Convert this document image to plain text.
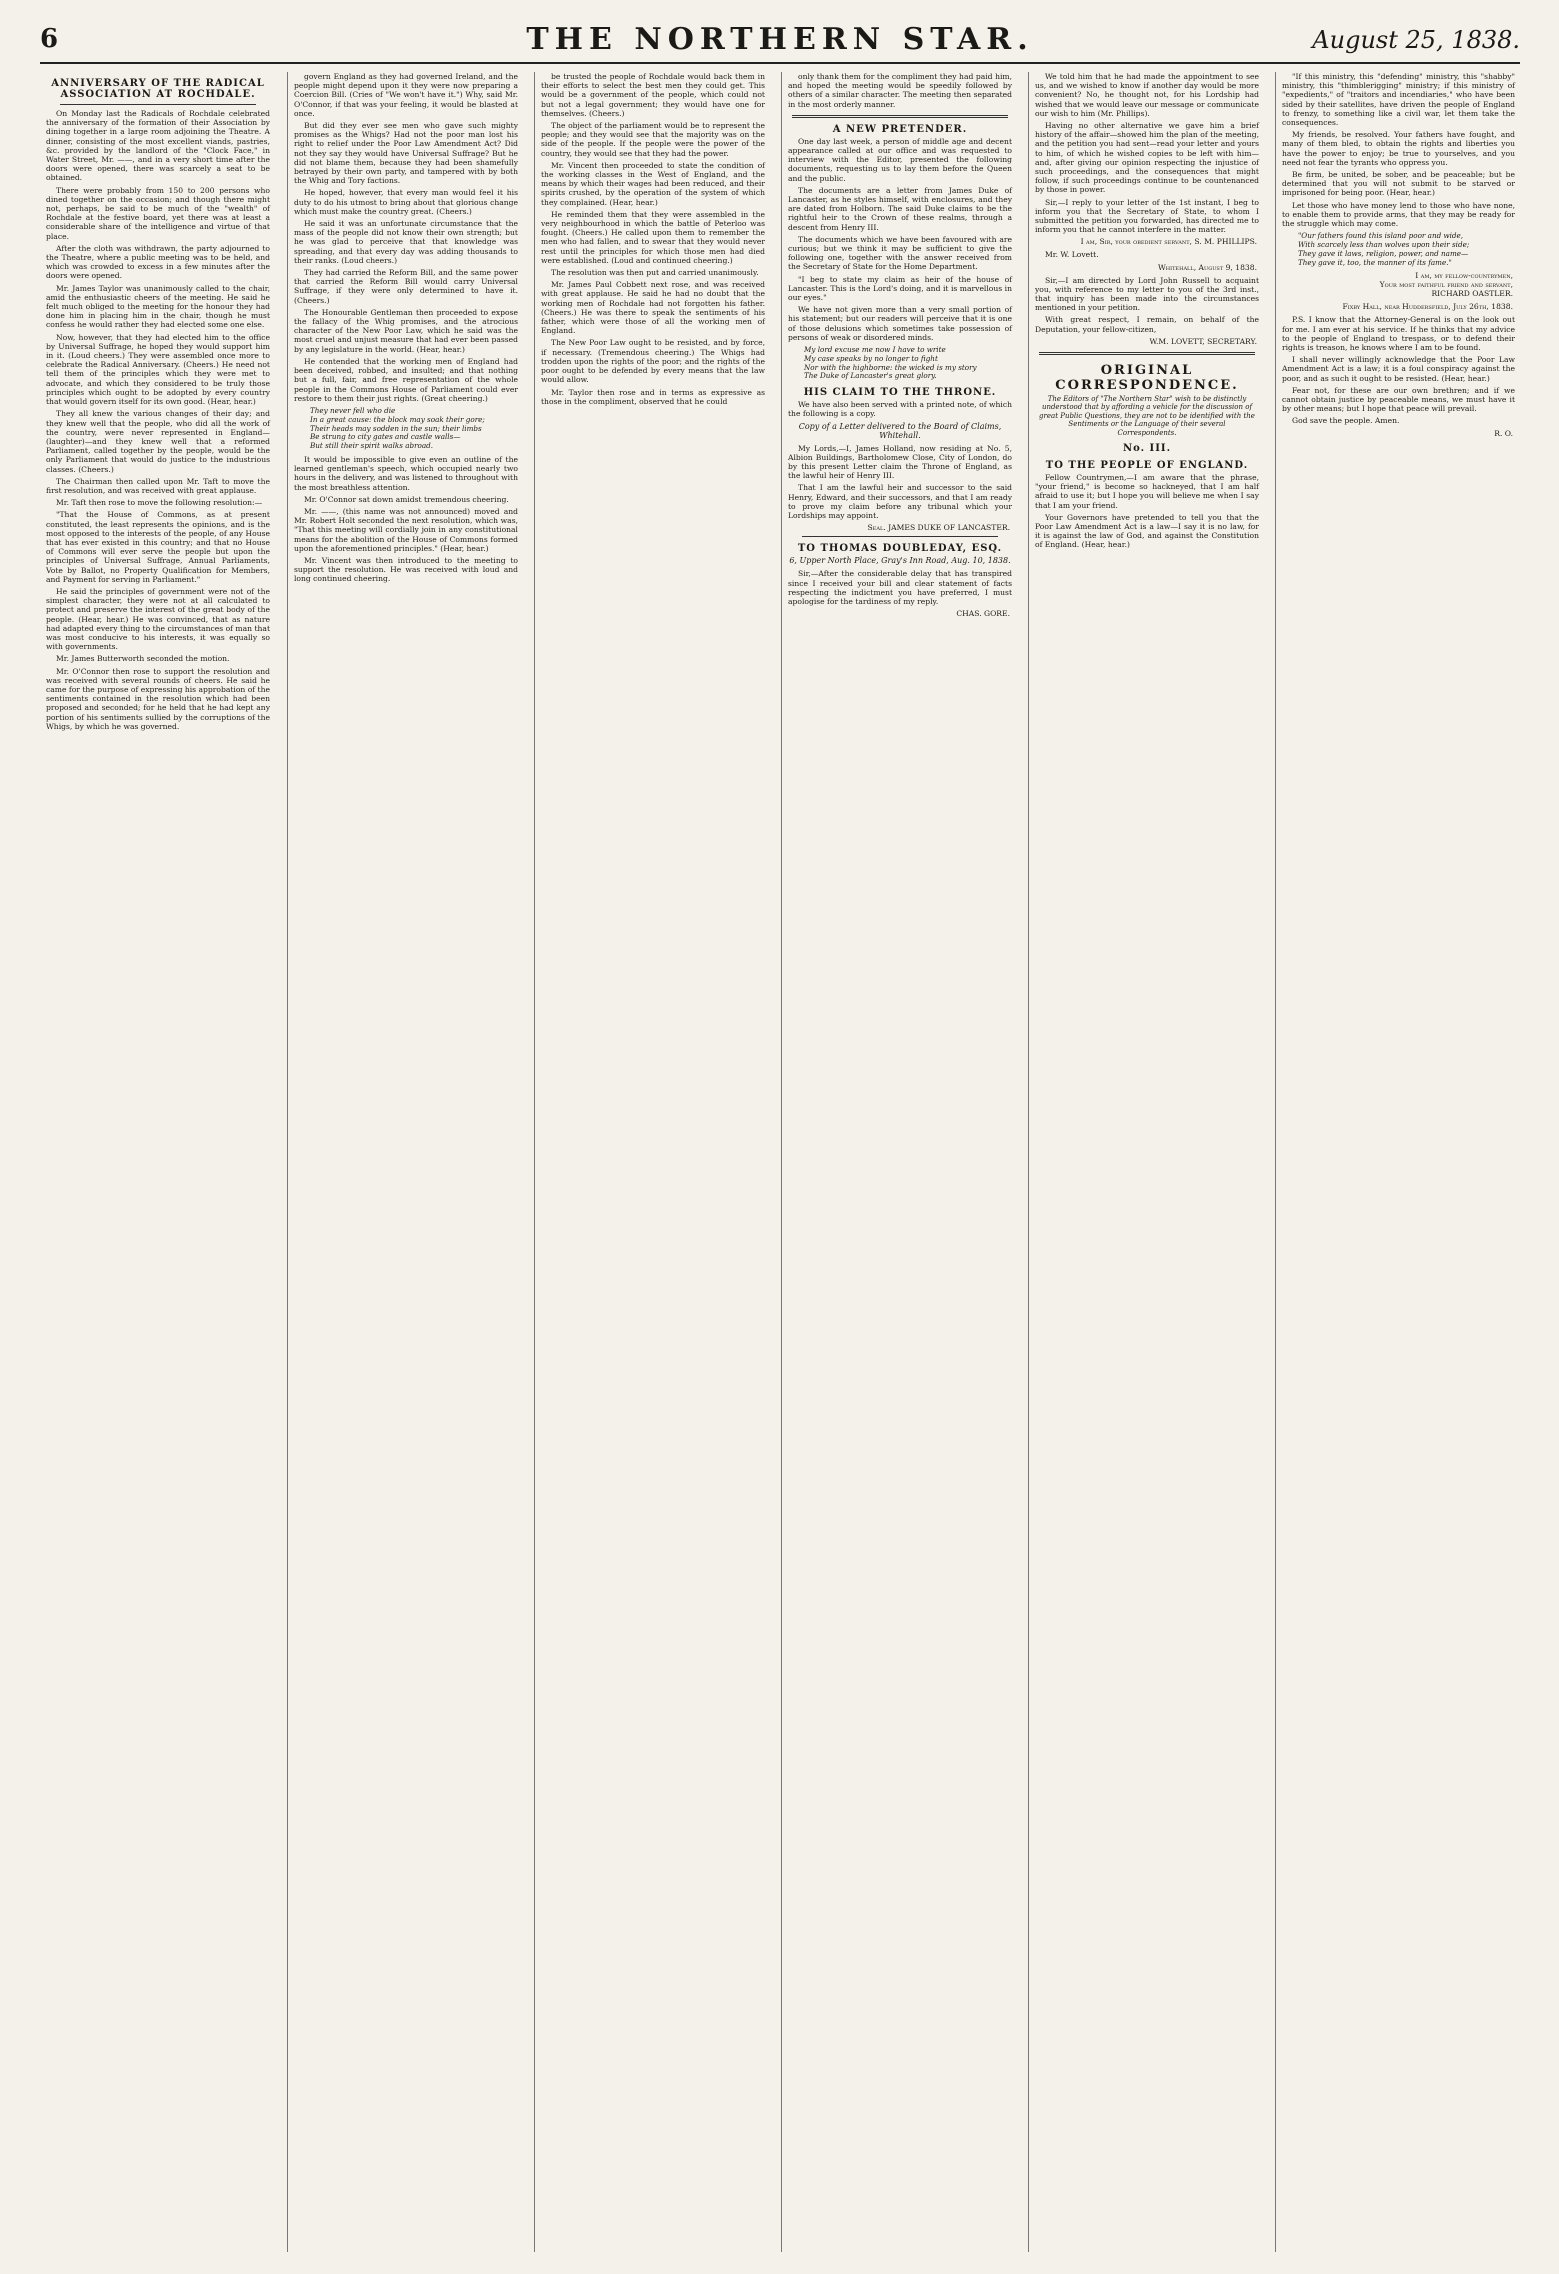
6	THE NORTHERN STAR.	August 25, 1838.
ANNIVERSARY OF THE RADICAL ASSOCIATION AT ROCHDALE.

On Monday last the Radicals of Rochdale celebrated the anniversary of the formation of their Association by dining together in a large room adjoining the Theatre. A dinner, consisting of the most excellent viands, pastries, &c. provided by the landlord of the "Clock Face," in Water Street, Mr. ——, and in a very short time after the doors were opened, there was scarcely a seat to be obtained.

There were probably from 150 to 200 persons who dined together on the occasion; and though there might not, perhaps, be said to be much of the "wealth" of Rochdale at the festive board, yet there was at least a considerable share of the intelligence and virtue of that place.

After the cloth was withdrawn, the party adjourned to the Theatre, where a public meeting was to be held, and which was crowded to excess in a few minutes after the doors were opened.

Mr. James Taylor was unanimously called to the chair, amid the enthusiastic cheers of the meeting. He said he felt much obliged to the meeting for the honour they had done him in placing him in the chair, though he must confess he would rather they had elected some one else.

Now, however, that they had elected him to the office by Universal Suffrage, he hoped they would support him in it. (Loud cheers.) They were assembled once more to celebrate the Radical Anniversary. (Cheers.) He need not tell them of the principles which they were met to advocate, and which they considered to be truly those principles which ought to be adopted by every country that would govern itself for its own good. (Hear, hear.)

They all knew the various changes of their day; and they knew well that the people, who did all the work of the country, were never represented in England—(laughter)—and they knew well that a reformed Parliament, called together by the people, would be the only Parliament that would do justice to the industrious classes. (Cheers.)

The Chairman then called upon Mr. Taft to move the first resolution, and was received with great applause.

Mr. Taft then rose to move the following resolution:—

"That the House of Commons, as at present constituted, the least represents the opinions, and is the most opposed to the interests of the people, of any House that has ever existed in this country; and that no House of Commons will ever serve the people but upon the principles of Universal Suffrage, Annual Parliaments, Vote by Ballot, no Property Qualification for Members, and Payment for serving in Parliament."

He said the principles of government were not of the simplest character, they were not at all calculated to protect and preserve the interest of the great body of the people. (Hear, hear.) He was convinced, that as nature had adapted every thing to the circumstances of man that was most conducive to his interests, it was equally so with governments.

Mr. James Butterworth seconded the motion.

Mr. O'Connor then rose to support the resolution and was received with several rounds of cheers. He said he came for the purpose of expressing his approbation of the sentiments contained in the resolution which had been proposed and seconded; for he held that he had kept any portion of his sentiments sullied by the corruptions of the Whigs, by which he was governed.

govern England as they had governed Ireland, and the people might depend upon it they were now preparing a Coercion Bill. (Cries of "We won't have it.") Why, said Mr. O'Connor, if that was your feeling, it would be blasted at once.

But did they ever see men who gave such mighty promises as the Whigs? Had not the poor man lost his right to relief under the Poor Law Amendment Act? Did not they say they would have Universal Suffrage? But he did not blame them, because they had been shamefully betrayed by their own party, and tampered with by both the Whig and Tory factions.

He hoped, however, that every man would feel it his duty to do his utmost to bring about that glorious change which must make the country great. (Cheers.)

He said it was an unfortunate circumstance that the mass of the people did not know their own strength; but he was glad to perceive that that knowledge was spreading, and that every day was adding thousands to their ranks. (Loud cheers.)

They had carried the Reform Bill, and the same power that carried the Reform Bill would carry Universal Suffrage, if they were only determined to have it. (Cheers.)

The Honourable Gentleman then proceeded to expose the fallacy of the Whig promises, and the atrocious character of the New Poor Law, which he said was the most cruel and unjust measure that had ever been passed by any legislature in the world. (Hear, hear.)

He contended that the working men of England had been deceived, robbed, and insulted; and that nothing but a full, fair, and free representation of the whole people in the Commons House of Parliament could ever restore to them their just rights. (Great cheering.)

They never fell who die
In a great cause: the block may soak their gore;
Their heads may sodden in the sun; their limbs
Be strung to city gates and castle walls—
But still their spirit walks abroad.

It would be impossible to give even an outline of the learned gentleman's speech, which occupied nearly two hours in the delivery, and was listened to throughout with the most breathless attention.

Mr. O'Connor sat down amidst tremendous cheering.

Mr. ——, (this name was not announced) moved and Mr. Robert Holt seconded the next resolution, which was, "That this meeting will cordially join in any constitutional means for the abolition of the House of Commons formed upon the aforementioned principles." (Hear, hear.)

Mr. Vincent was then introduced to the meeting to support the resolution. He was received with loud and long continued cheering.

be trusted the people of Rochdale would back them in their efforts to select the best men they could get. This would be a government of the people, which could not but not a legal government; they would have one for themselves. (Cheers.)

The object of the parliament would be to represent the people; and they would see that the majority was on the side of the people. If the people were the power of the country, they would see that they had the power.

Mr. Vincent then proceeded to state the condition of the working classes in the West of England, and the means by which their wages had been reduced, and their spirits crushed, by the operation of the system of which they complained. (Hear, hear.)

He reminded them that they were assembled in the very neighbourhood in which the battle of Peterloo was fought. (Cheers.) He called upon them to remember the men who had fallen, and to swear that they would never rest until the principles for which those men had died were established. (Loud and continued cheering.)

The resolution was then put and carried unanimously.

Mr. James Paul Cobbett next rose, and was received with great applause. He said he had no doubt that the working men of Rochdale had not forgotten his father. (Cheers.) He was there to speak the sentiments of his father, which were those of all the working men of England.

The New Poor Law ought to be resisted, and by force, if necessary. (Tremendous cheering.) The Whigs had trodden upon the rights of the poor; and the rights of the poor ought to be defended by every means that the law would allow.

Mr. Taylor then rose and in terms as expressive as those in the compliment, observed that he could

only thank them for the compliment they had paid him, and hoped the meeting would be speedily followed by others of a similar character. The meeting then separated in the most orderly manner.

A NEW PRETENDER.

One day last week, a person of middle age and decent appearance called at our office and was requested to interview with the Editor, presented the following documents, requesting us to lay them before the Queen and the public.

The documents are a letter from James Duke of Lancaster, as he styles himself, with enclosures, and they are dated from Holborn. The said Duke claims to be the rightful heir to the Crown of these realms, through a descent from Henry III.

The documents which we have been favoured with are curious; but we think it may be sufficient to give the following one, together with the answer received from the Secretary of State for the Home Department.

"I beg to state my claim as heir of the house of Lancaster. This is the Lord's doing, and it is marvellous in our eyes."

We have not given more than a very small portion of his statement; but our readers will perceive that it is one of those delusions which sometimes take possession of persons of weak or disordered minds.

My lord excuse me now I have to write
My case speaks by no longer to fight
Nor with the highborne: the wicked is my story
The Duke of Lancaster's great glory.
HIS CLAIM TO THE THRONE.

We have also been served with a printed note, of which the following is a copy.

Copy of a Letter delivered to the Board of Claims, Whitehall.

My Lords,—I, James Holland, now residing at No. 5, Albion Buildings, Bartholomew Close, City of London, do by this present Letter claim the Throne of England, as the lawful heir of Henry III.

That I am the lawful heir and successor to the said Henry, Edward, and their successors, and that I am ready to prove my claim before any tribunal which your Lordships may appoint.

Seal. JAMES DUKE OF LANCASTER.
TO THOMAS DOUBLEDAY, ESQ.
6, Upper North Place, Gray's Inn Road, Aug. 10, 1838.

Sir,—After the considerable delay that has transpired since I received your bill and clear statement of facts respecting the indictment you have preferred, I must apologise for the tardiness of my reply.

CHAS. GORE.

We told him that he had made the appointment to see us, and we wished to know if another day would be more convenient? No, he thought not, for his Lordship had wished that we would leave our message or communicate our wish to him (Mr. Phillips).

Having no other alternative we gave him a brief history of the affair—showed him the plan of the meeting, and the petition you had sent—read your letter and yours to him, of which he wished copies to be left with him—and, after giving our opinion respecting the injustice of such proceedings, and the consequences that might follow, if such proceedings continue to be countenanced by those in power.

Sir,—I reply to your letter of the 1st instant, I beg to inform you that the Secretary of State, to whom I submitted the petition you forwarded, has directed me to inform you that he cannot interfere in the matter.

I am, Sir, your obedient servant, S. M. PHILLIPS.

Mr. W. Lovett.

Whitehall, August 9, 1838.

Sir,—I am directed by Lord John Russell to acquaint you, with reference to my letter to you of the 3rd inst., that inquiry has been made into the circumstances mentioned in your petition.

With great respect, I remain, on behalf of the Deputation, your fellow-citizen,

W.M. LOVETT, SECRETARY.
ORIGINAL CORRESPONDENCE.
The Editors of "The Northern Star" wish to be distinctly understood that by affording a vehicle for the discussion of great Public Questions, they are not to be identified with the Sentiments or the Language of their several Correspondents.
No. III.
TO THE PEOPLE OF ENGLAND.

Fellow Countrymen,—I am aware that the phrase, "your friend," is become so hackneyed, that I am half afraid to use it; but I hope you will believe me when I say that I am your friend.

Your Governors have pretended to tell you that the Poor Law Amendment Act is a law—I say it is no law, for it is against the law of God, and against the Constitution of England. (Hear, hear.)

"If this ministry, this "defending" ministry, this "shabby" ministry, this "thimblerigging" ministry; if this ministry of "expedients," of "traitors and incendiaries," who have been sided by their satellites, have driven the people of England to frenzy, to something like a civil war, let them take the consequences.

My friends, be resolved. Your fathers have fought, and many of them bled, to obtain the rights and liberties you have the power to enjoy; be true to yourselves, and you need not fear the tyrants who oppress you.

Be firm, be united, be sober, and be peaceable; but be determined that you will not submit to be starved or imprisoned for being poor. (Hear, hear.)

Let those who have money lend to those who have none, to enable them to provide arms, that they may be ready for the struggle which may come.

"Our fathers found this island poor and wide,
With scarcely less than wolves upon their side;
They gave it laws, religion, power, and name—
They gave it, too, the manner of its fame."
I am, my fellow-countrymen,
Your most faithful friend and servant,
RICHARD OASTLER.
Fixby Hall, near Huddersfield, July 26th, 1838.

P.S. I know that the Attorney-General is on the look out for me. I am ever at his service. If he thinks that my advice to the people of England to trespass, or to defend their rights is treason, he knows where I am to be found.

I shall never willingly acknowledge that the Poor Law Amendment Act is a law; it is a foul conspiracy against the poor, and as such it ought to be resisted. (Hear, hear.)

Fear not, for these are our own brethren; and if we cannot obtain justice by peaceable means, we must have it by other means; but I hope that peace will prevail.

God save the people. Amen.

R. O.
